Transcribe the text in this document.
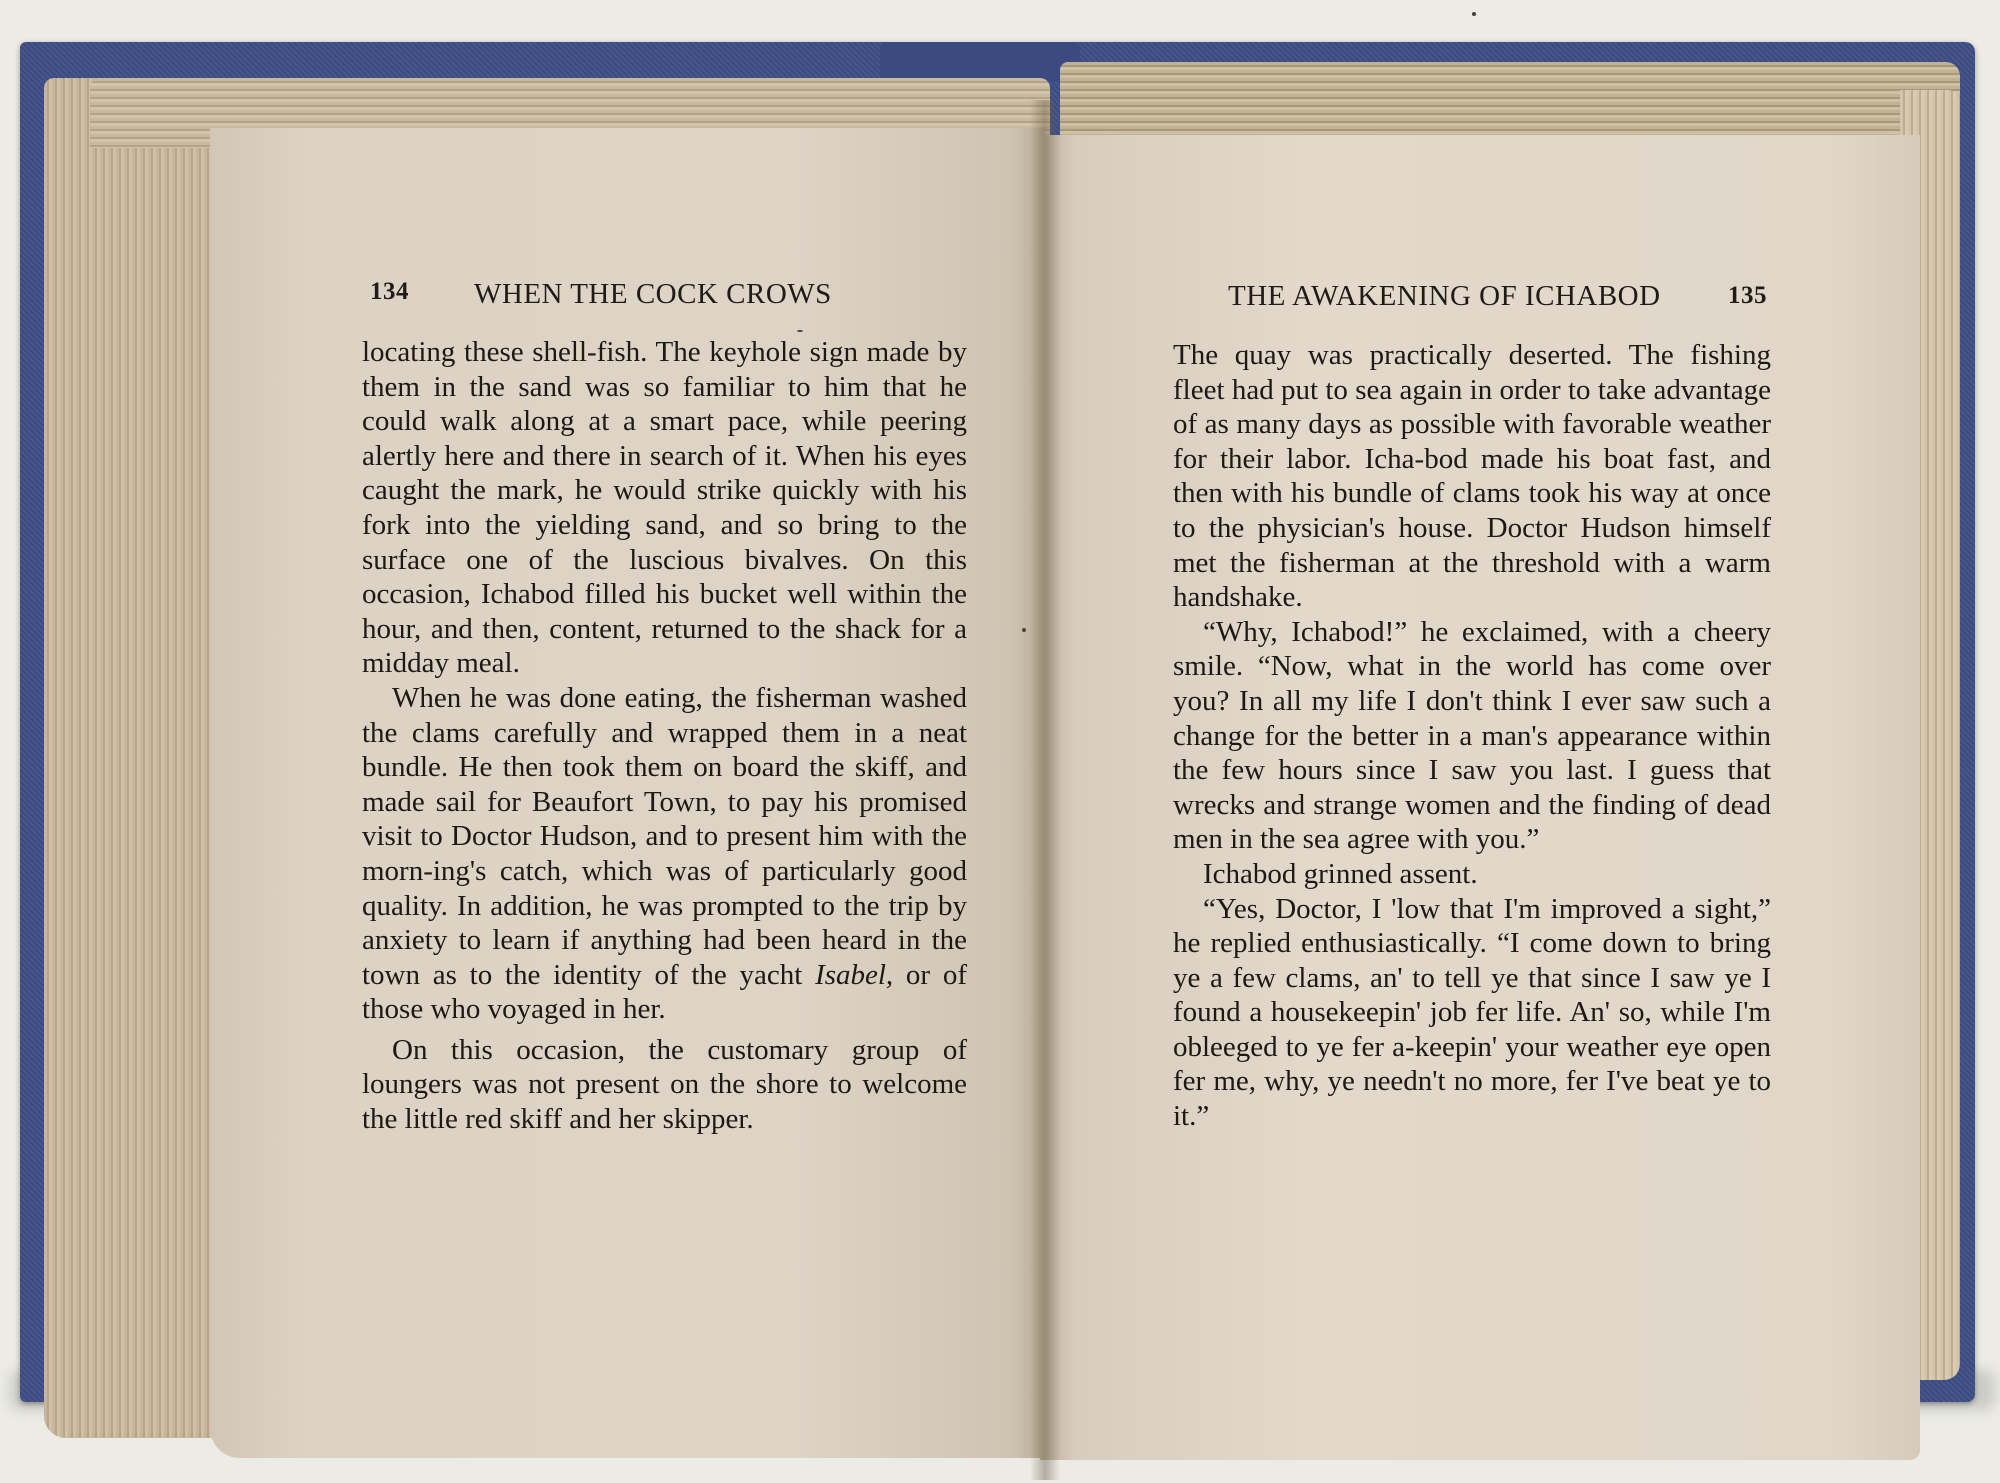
134 WHEN THE COCK CROWS

locating these shell-fish. The keyhole sign made by them in the sand was so familiar to him that he could walk along at a smart pace, while peering alertly here and there in search of it. When his eyes caught the mark, he would strike quickly with his fork into the yielding sand, and so bring to the surface one of the luscious bivalves. On this occasion, Ichabod filled his bucket well within the hour, and then, content, returned to the shack for a midday meal.

When he was done eating, the fisherman washed the clams carefully and wrapped them in a neat bundle. He then took them on board the skiff, and made sail for Beaufort Town, to pay his promised visit to Doctor Hudson, and to present him with the morn-ing's catch, which was of particularly good quality. In addition, he was prompted to the trip by anxiety to learn if anything had been heard in the town as to the identity of the yacht Isabel, or of those who voyaged in her.

On this occasion, the customary group of loungers was not present on the shore to welcome the little red skiff and her skipper.

THE AWAKENING OF ICHABOD	135

The quay was practically deserted. The fishing fleet had put to sea again in order to take advantage of as many days as possible with favorable weather for their labor. Icha-bod made his boat fast, and then with his bundle of clams took his way at once to the physician's house. Doctor Hudson himself met the fisherman at the threshold with a warm handshake.

“Why, Ichabod!” he exclaimed, with a cheery smile. “Now, what in the world has come over you? In all my life I don't think I ever saw such a change for the better in a man's appearance within the few hours since I saw you last. I guess that wrecks and strange women and the finding of dead men in the sea agree with you.”

Ichabod grinned assent.

“Yes, Doctor, I 'low that I'm improved a sight,” he replied enthusiastically. “I come down to bring ye a few clams, an' to tell ye that since I saw ye I found a housekeepin' job fer life. An' so, while I'm obleeged to ye fer a-keepin' your weather eye open fer me, why, ye needn't no more, fer I've beat ye to it.”
